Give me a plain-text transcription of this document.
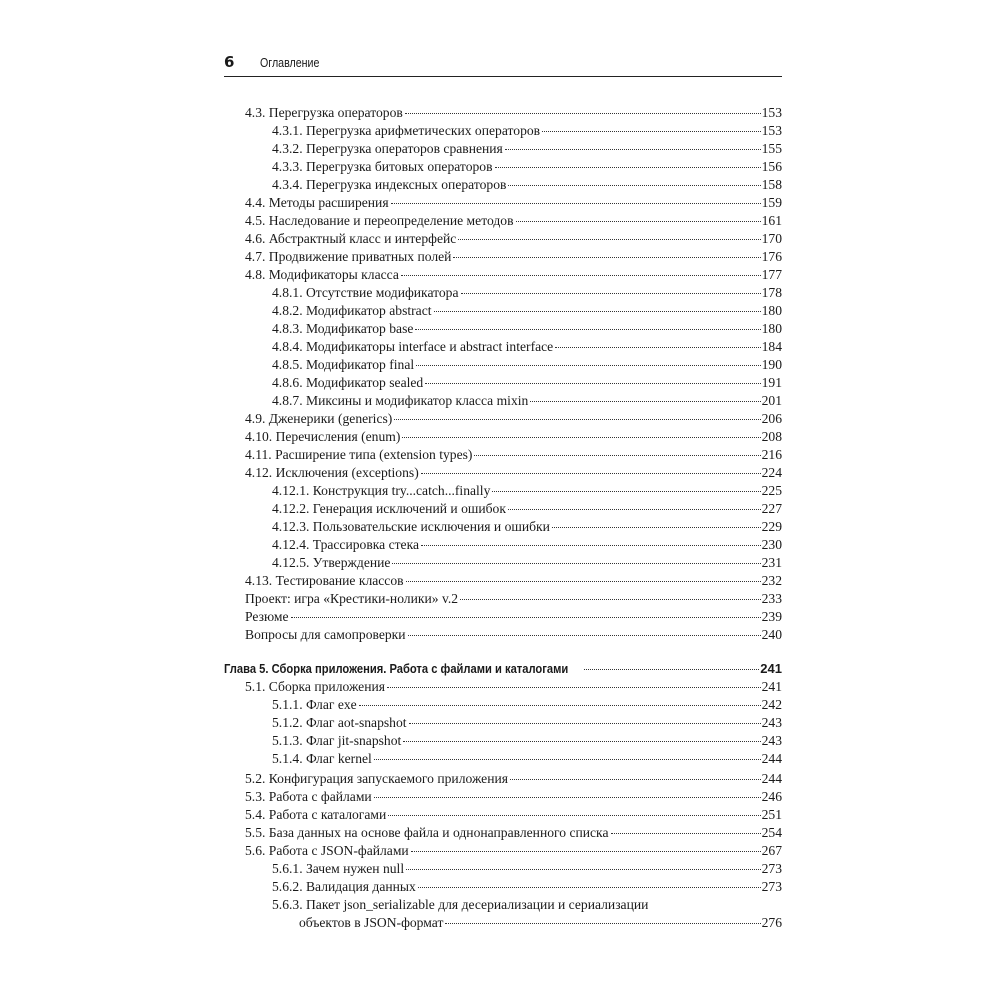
6 Оглавление
4.3. Перегрузка операторов	153
4.3.1. Перегрузка арифметических операторов	153
4.3.2. Перегрузка операторов сравнения	155
4.3.3. Перегрузка битовых операторов	156
4.3.4. Перегрузка индексных операторов	158
4.4. Методы расширения	159
4.5. Наследование и переопределение методов	161
4.6. Абстрактный класс и интерфейс	170
4.7. Продвижение приватных полей	176
4.8. Модификаторы класса	177
4.8.1. Отсутствие модификатора	178
4.8.2. Модификатор abstract	180
4.8.3. Модификатор base	180
4.8.4. Модификаторы interface и abstract interface	184
4.8.5. Модификатор final	190
4.8.6. Модификатор sealed	191
4.8.7. Миксины и модификатор класса mixin	201
4.9. Дженерики (generics)	206
4.10. Перечисления (enum)	208
4.11. Расширение типа (extension types)	216
4.12. Исключения (exceptions)	224
4.12.1. Конструкция try...catch...finally	225
4.12.2. Генерация исключений и ошибок	227
4.12.3. Пользовательские исключения и ошибки	229
4.12.4. Трассировка стека	230
4.12.5. Утверждение	231
4.13. Тестирование классов	232
Проект: игра «Крестики-нолики» v.2	233
Резюме	239
Вопросы для самопроверки	240
Глава 5. Сборка приложения. Работа с файлами и каталогами	241
5.1. Сборка приложения	241
5.1.1. Флаг exe	242
5.1.2. Флаг aot-snapshot	243
5.1.3. Флаг jit-snapshot	243
5.1.4. Флаг kernel	244
5.2. Конфигурация запускаемого приложения	244
5.3. Работа с файлами	246
5.4. Работа с каталогами	251
5.5. База данных на основе файла и однонаправленного списка	254
5.6. Работа с JSON-файлами	267
5.6.1. Зачем нужен null	273
5.6.2. Валидация данных	273
5.6.3. Пакет json_serializable для десериализации и сериализации
объектов в JSON-формат	276
